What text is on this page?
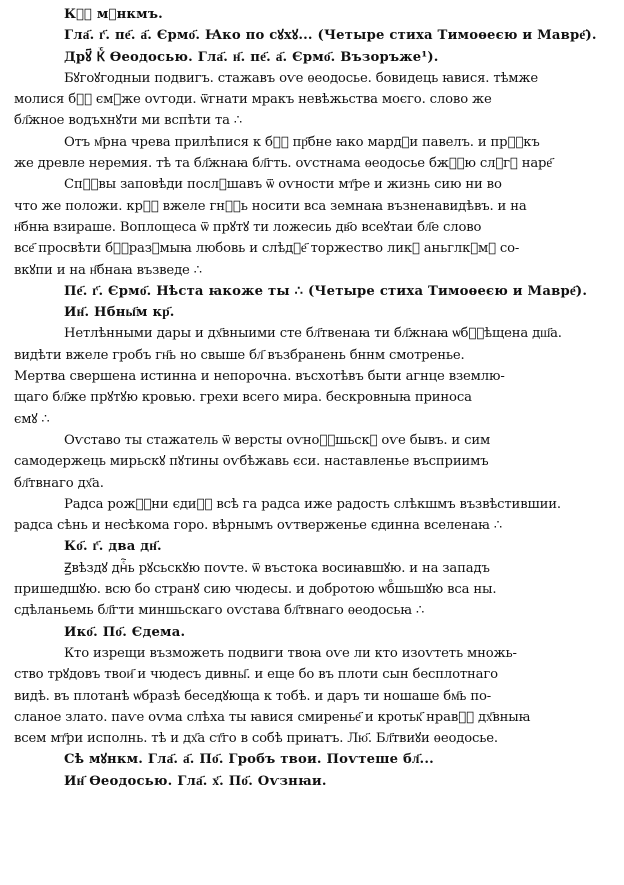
Кⷭ҇ мꙋнкмъ.
Гла҃. г҃. пе҃. а҃. Єрмо҃. Ꙗко по сꙋхꙋ... (Четыре стиха Тимоѳеєю и Мавре҃).
Дрꙋ҃ Кⷭ҇ Ѳеодосью. Гла҃. н҃. пе҃. а҃. Єрмо҃. Възоръже¹).
Бꙋгоꙋгодныи подвигъ. стажавъ оѵе ѳеодосье. бовидець ꙗвися. тѣмже
молися бⷹ҇ ємꙋже оѵгоди. ѿгнати мракъ невѣжьства моєго. слово же
бл҃жное водъхнꙋти ми вспѣти та ∴
Отъ м҃рна чрева прилѣпися к бⷹ҇ пр҃бне ꙗко мардꙋи павелъ. и прⷪ҇къ
же древле неремия. тѣ та бл҃жнаꙗ бл҃гть. оѵстнама ѳеодосье бжⷭ҇ю слꙋгꙋ наре҃
Спⷭ҇вы заповѣди послꙋшавъ ѿ оѵности мт҃ре и жизнь сию ни во
что же положи. крⷭ҇ вжеле гнⷭ҇ь носити вса земнаꙗ възненавидѣвъ. и на
н҃бнꙗ взираше. Воплощеса ѿ прꙋтꙋ ти ложесиь дв҃о всеꙋтаи бл҃е слово
все҃ просвѣти бⷪ҇разꙋмыꙗ любовь и слѣдꙋе҃ торжество ликꙋ аньглкꙋмꙋ со-
вкꙋпи и на н҃бнаꙗ възведе ∴
Пе҃. г҃. Єрмо҃. Нѣста ꙗкоже ты ∴ (Четыре стиха Тимоѳеєю и Мавре҃).
Ин҃. Нбны҃м кр҃.
Нетлѣнными дары и дх҃вныими сте бл҃твенаꙗ ти бл҃жнаꙗ ѡбⷪ҇ѣщена дш҃а.
видѣти вжеле гробъ гн҃ь но свыше бл҃ възбранень бннм смотренье.
Мертва свершена истинна и непорочна. въсхотѣвъ быти агнце вземлю-
щаго бл҃же прꙋтꙋю кровью. грехи всего мира. бескровныꙗ приноса
ємꙋ ∴
Оѵставо ты стажатель ѿ версты оѵноⷧ҇шьскꙋ оѵе бывъ. и сим
самодержець мирьскꙋ пꙋтины оѵбѣжавь єси. наставленье въсприимъ
бл҃твнаго дх҃а.
Радса рожⷭ҇ни єдиⷩ҇ всѣ га радса иже радость слѣкшмъ възвѣстившии.
радса сѣнь и несѣкома горо. вѣрнымъ оѵтверженье єдинна вселенаꙗ ∴
Ко҃. г҃. два дн҃.
Ꙃвѣздꙋ днⷭ҇ь рꙋсьскꙋю поѵте. ѿ въстока восиꙗвшꙋю. и на западъ
пришедшꙋю. всю бо странꙋ сию чюдесы. и добротою ѡбⷪ҇шьшꙋю вса ны.
сдѣланьемь бл҃гти миншьскаго оѵстава бл҃твнаго ѳеодосьꙗ ∴
Ико҃. По҃. Єдема.
Кто изрещи възможеть подвиги твоꙗ оѵе ли кто изоѵтеть множь-
ство трꙋдовъ твои҃ и чюдесъ дивны҃. и еще бо въ плоти сын бесплотнаго
видѣ. въ плотанѣ ѡбразѣ беседꙋюща к тобѣ. и даръ ти ношаше бм҃ь по-
сланое злато. паѵе оѵма слѣха ты ꙗвися смиренье҃ и кротьк҃ нравⷪ҇ дх҃вныꙗ
всем мт҃ри исполнь. тѣ и дх҃а ст҃го в собѣ приꙗтъ. Лю҃. Бл҃твиꙋи ѳеодосье.
Сѣ мꙋнкм. Гла҃. а҃. По҃. Гробъ твои. Поѵтеше бл҃...
Ин҃ Ѳеодосью. Гла҃. х҃. По҃. Оѵзнꙗи.
